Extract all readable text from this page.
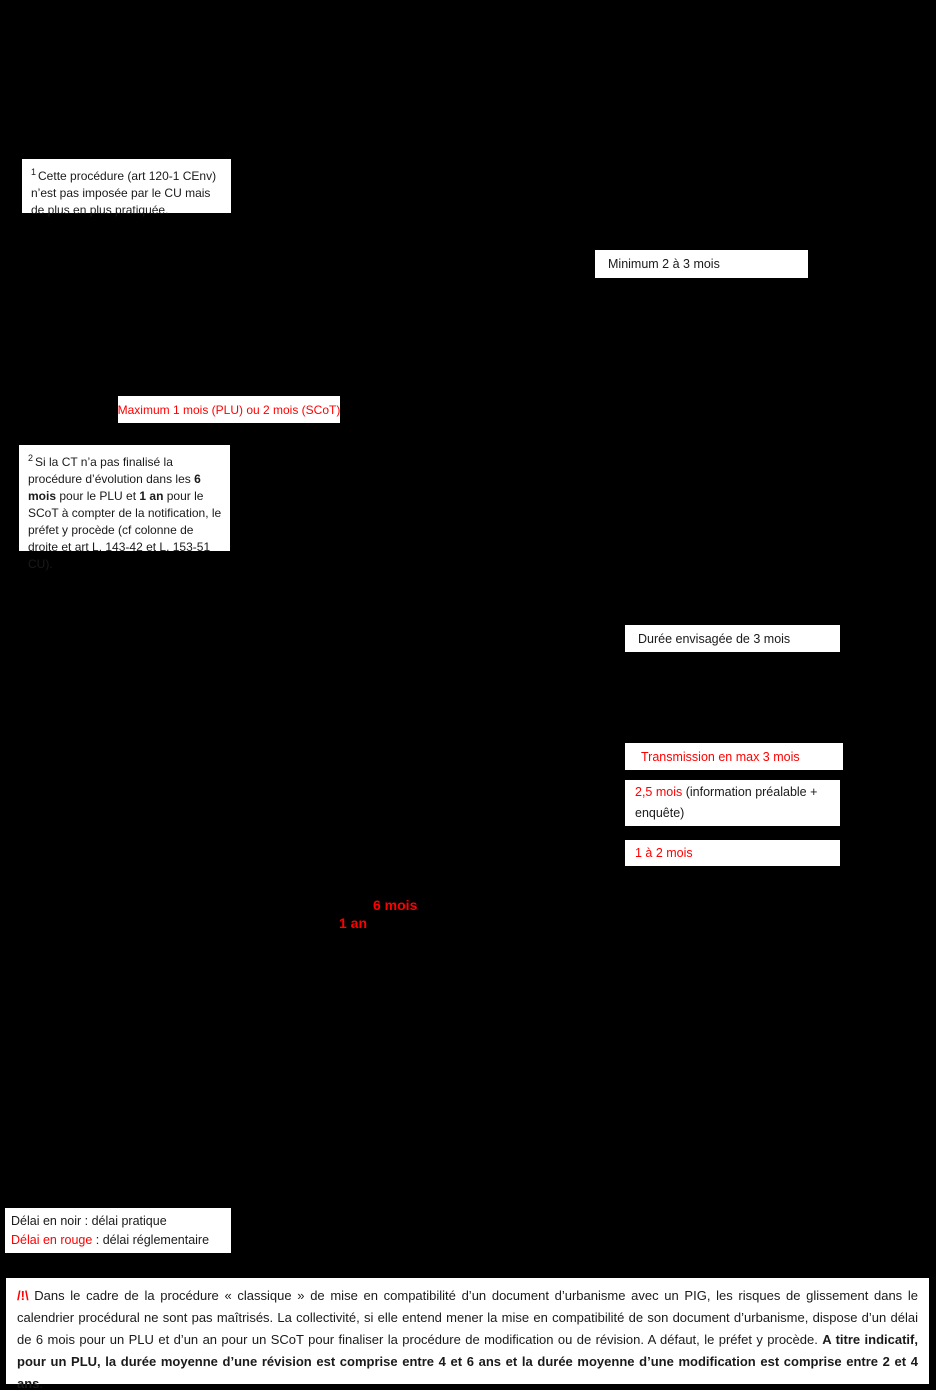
$^1$ Cette procédure (art 120-1 CEnv) n’est pas imposée par le CU mais de plus en plus pratiquée.
Minimum 2 à 3 mois
Maximum 1 mois (PLU) ou 2 mois (SCoT)
$^2$ Si la CT n’a pas finalisé la procédure d’évolution dans les 6 mois pour le PLU et 1 an pour le SCoT à compter de la notification, le préfet y procède (cf colonne de droite et art L. 143-42 et L. 153-51 CU).
Durée envisagée de 3 mois
Transmission en max 3 mois
2,5 mois (information préalable + enquête)
1 à 2 mois
6 mois
1 an
Délai en noir : délai pratique
Délai en rouge : délai réglementaire
/!\ Dans le cadre de la procédure « classique » de mise en compatibilité d’un document d’urbanisme avec un PIG, les risques de glissement dans le calendrier procédural ne sont pas maîtrisés. La collectivité, si elle entend mener la mise en compatibilité de son document d’urbanisme, dispose d’un délai de 6 mois pour un PLU et d’un an pour un SCoT pour finaliser la procédure de modification ou de révision. A défaut, le préfet y procède. A titre indicatif, pour un PLU, la durée moyenne d’une révision est comprise entre 4 et 6 ans et la durée moyenne d’une modification est comprise entre 2 et 4 ans.
